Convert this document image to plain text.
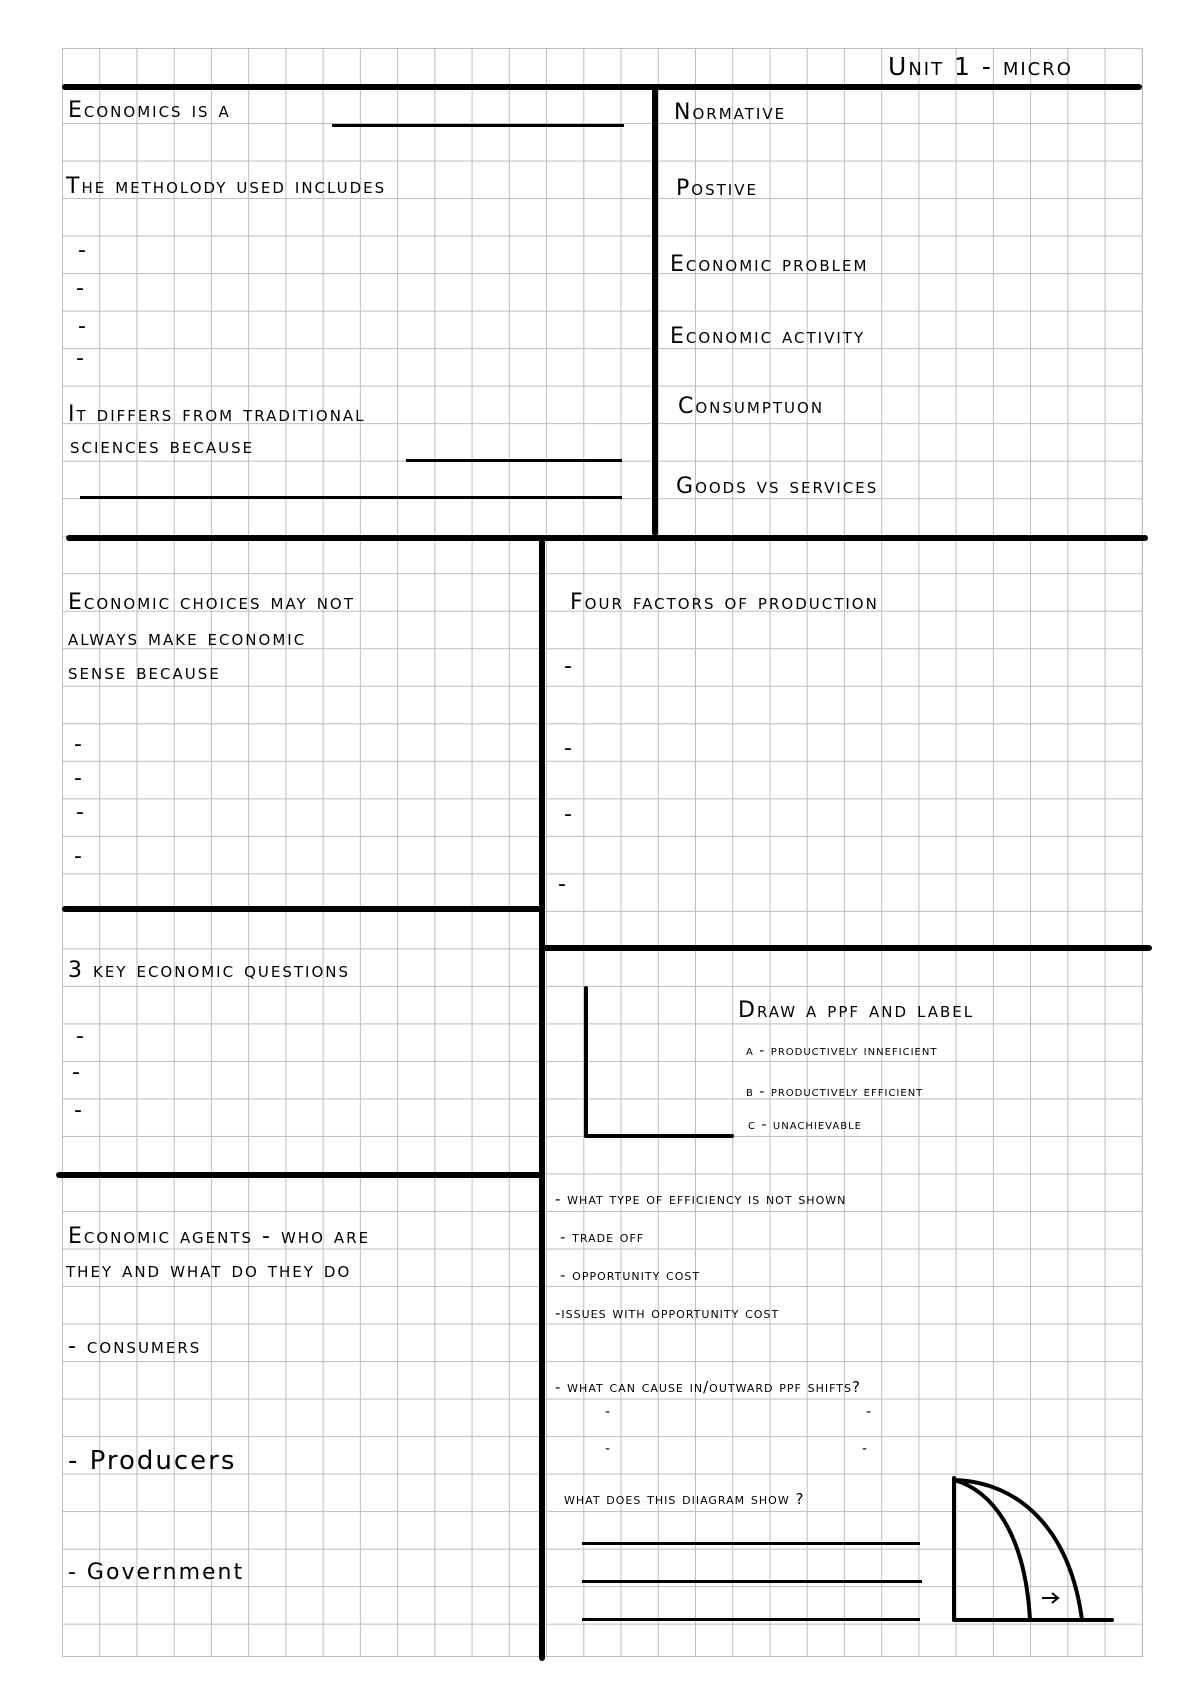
Unit 1 - micro
Economics is a
The metholody used includes
-
-
-
-
It differs from traditional
sciences because
Normative
Postive
Economic problem
Economic activity
Consumptuon
Goods vs services
Economic choices may not
always make economic
sense because
-
-
-
-
Four factors of production
-
-
-
-
3 key economic questions
-
-
-
Draw a ppf and label
a - productively inneficient
b - productively efficient
c - unachievable
Economic agents - who are
they and what do they do
- consumers
- Producers
- Government
- what type of efficiency is not shown
- trade off
- opportunity cost
-issues with opportunity cost
- what can cause in/outward ppf shifts?
-	-
-	-
what does this diiagram show ?
